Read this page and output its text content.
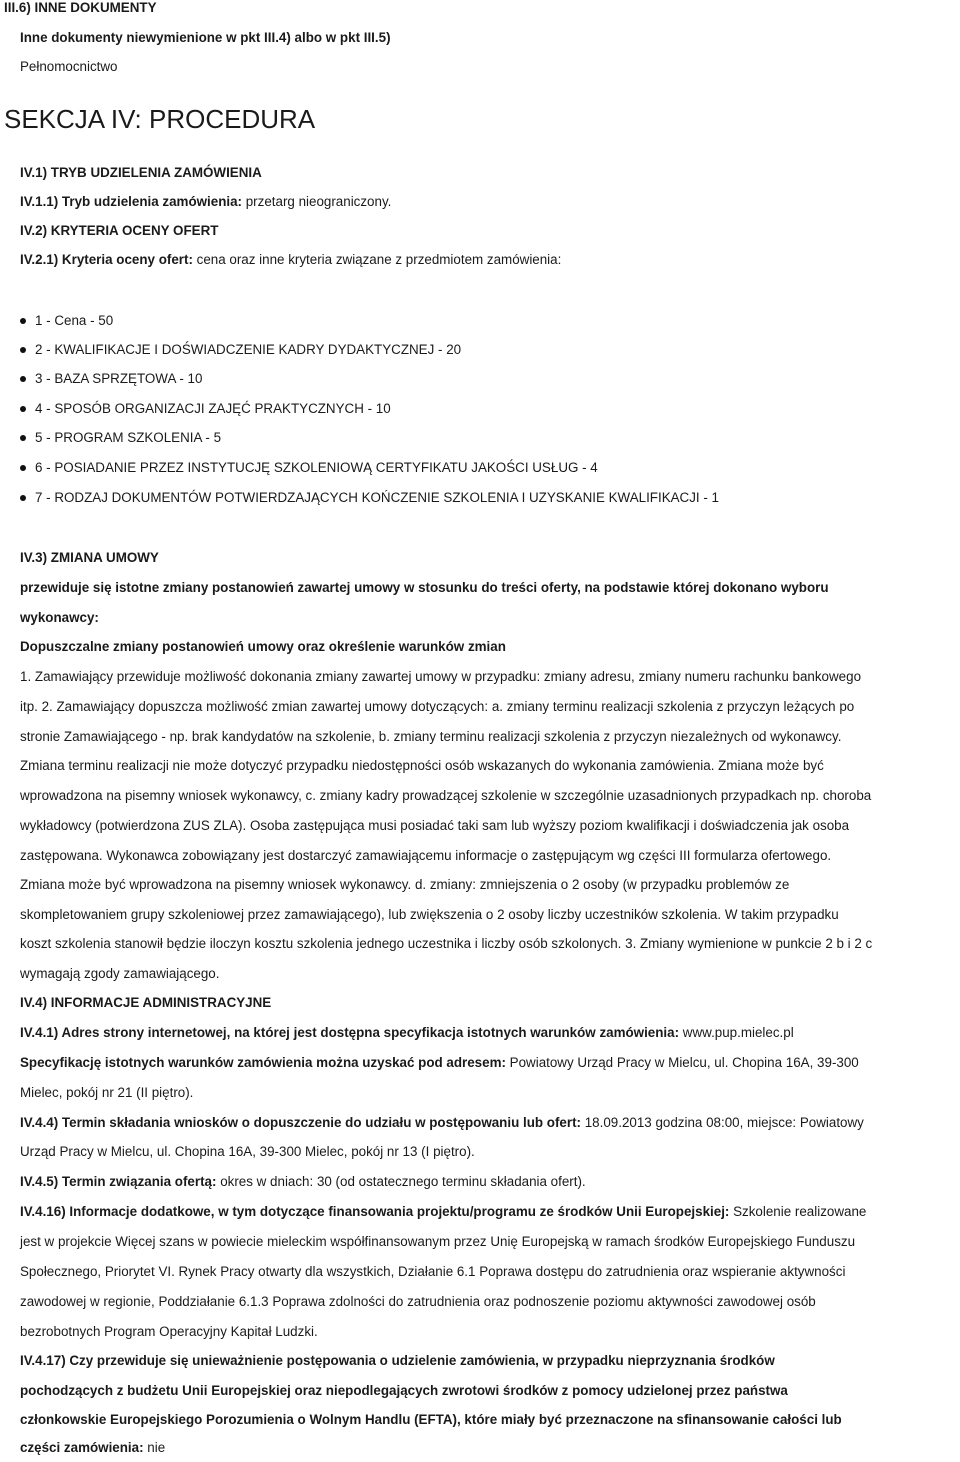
III.6) INNE DOKUMENTY
Inne dokumenty niewymienione w pkt III.4) albo w pkt III.5)
Pełnomocnictwo
SEKCJA IV: PROCEDURA
IV.1) TRYB UDZIELENIA ZAMÓWIENIA
IV.1.1) Tryb udzielenia zamówienia: przetarg nieograniczony.
IV.2) KRYTERIA OCENY OFERT
IV.2.1) Kryteria oceny ofert: cena oraz inne kryteria związane z przedmiotem zamówienia:
1 - Cena - 50
2 - KWALIFIKACJE I DOŚWIADCZENIE KADRY DYDAKTYCZNEJ - 20
3 - BAZA SPRZĘTOWA - 10
4 - SPOSÓB ORGANIZACJI ZAJĘĆ PRAKTYCZNYCH - 10
5 - PROGRAM SZKOLENIA - 5
6 - POSIADANIE PRZEZ INSTYTUCJĘ SZKOLENIOWĄ CERTYFIKATU JAKOŚCI USŁUG - 4
7 - RODZAJ DOKUMENTÓW POTWIERDZAJĄCYCH KOŃCZENIE SZKOLENIA I UZYSKANIE KWALIFIKACJI - 1
IV.3) ZMIANA UMOWY
przewiduje się istotne zmiany postanowień zawartej umowy w stosunku do treści oferty, na podstawie której dokonano wyboru
wykonawcy:
Dopuszczalne zmiany postanowień umowy oraz określenie warunków zmian
1. Zamawiający przewiduje możliwość dokonania zmiany zawartej umowy w przypadku: zmiany adresu, zmiany numeru rachunku bankowego
itp. 2. Zamawiający dopuszcza możliwość zmian zawartej umowy dotyczących: a. zmiany terminu realizacji szkolenia z przyczyn leżących po
stronie Zamawiającego - np. brak kandydatów na szkolenie, b. zmiany terminu realizacji szkolenia z przyczyn niezależnych od wykonawcy.
Zmiana terminu realizacji nie może dotyczyć przypadku niedostępności osób wskazanych do wykonania zamówienia. Zmiana może być
wprowadzona na pisemny wniosek wykonawcy, c. zmiany kadry prowadzącej szkolenie w szczególnie uzasadnionych przypadkach np. choroba
wykładowcy (potwierdzona ZUS ZLA). Osoba zastępująca musi posiadać taki sam lub wyższy poziom kwalifikacji i doświadczenia jak osoba
zastępowana. Wykonawca zobowiązany jest dostarczyć zamawiającemu informacje o zastępującym wg części III formularza ofertowego.
Zmiana może być wprowadzona na pisemny wniosek wykonawcy. d. zmiany: zmniejszenia o 2 osoby (w przypadku problemów ze
skompletowaniem grupy szkoleniowej przez zamawiającego), lub zwiększenia o 2 osoby liczby uczestników szkolenia. W takim przypadku
koszt szkolenia stanowił będzie iloczyn kosztu szkolenia jednego uczestnika i liczby osób szkolonych. 3. Zmiany wymienione w punkcie 2 b i 2 c
wymagają zgody zamawiającego.
IV.4) INFORMACJE ADMINISTRACYJNE
IV.4.1) Adres strony internetowej, na której jest dostępna specyfikacja istotnych warunków zamówienia: www.pup.mielec.pl
Specyfikację istotnych warunków zamówienia można uzyskać pod adresem: Powiatowy Urząd Pracy w Mielcu, ul. Chopina 16A, 39-300
Mielec, pokój nr 21 (II piętro).
IV.4.4) Termin składania wniosków o dopuszczenie do udziału w postępowaniu lub ofert: 18.09.2013 godzina 08:00, miejsce: Powiatowy
Urząd Pracy w Mielcu, ul. Chopina 16A, 39-300 Mielec, pokój nr 13 (I piętro).
IV.4.5) Termin związania ofertą: okres w dniach: 30 (od ostatecznego terminu składania ofert).
IV.4.16) Informacje dodatkowe, w tym dotyczące finansowania projektu/programu ze środków Unii Europejskiej: Szkolenie realizowane
jest w projekcie Więcej szans w powiecie mieleckim współfinansowanym przez Unię Europejską w ramach środków Europejskiego Funduszu
Społecznego, Priorytet VI. Rynek Pracy otwarty dla wszystkich, Działanie 6.1 Poprawa dostępu do zatrudnienia oraz wspieranie aktywności
zawodowej w regionie, Poddziałanie 6.1.3 Poprawa zdolności do zatrudnienia oraz podnoszenie poziomu aktywności zawodowej osób
bezrobotnych Program Operacyjny Kapitał Ludzki.
IV.4.17) Czy przewiduje się unieważnienie postępowania o udzielenie zamówienia, w przypadku nieprzyznania środków
pochodzących z budżetu Unii Europejskiej oraz niepodlegających zwrotowi środków z pomocy udzielonej przez państwa
członkowskie Europejskiego Porozumienia o Wolnym Handlu (EFTA), które miały być przeznaczone na sfinansowanie całości lub
części zamówienia: nie
